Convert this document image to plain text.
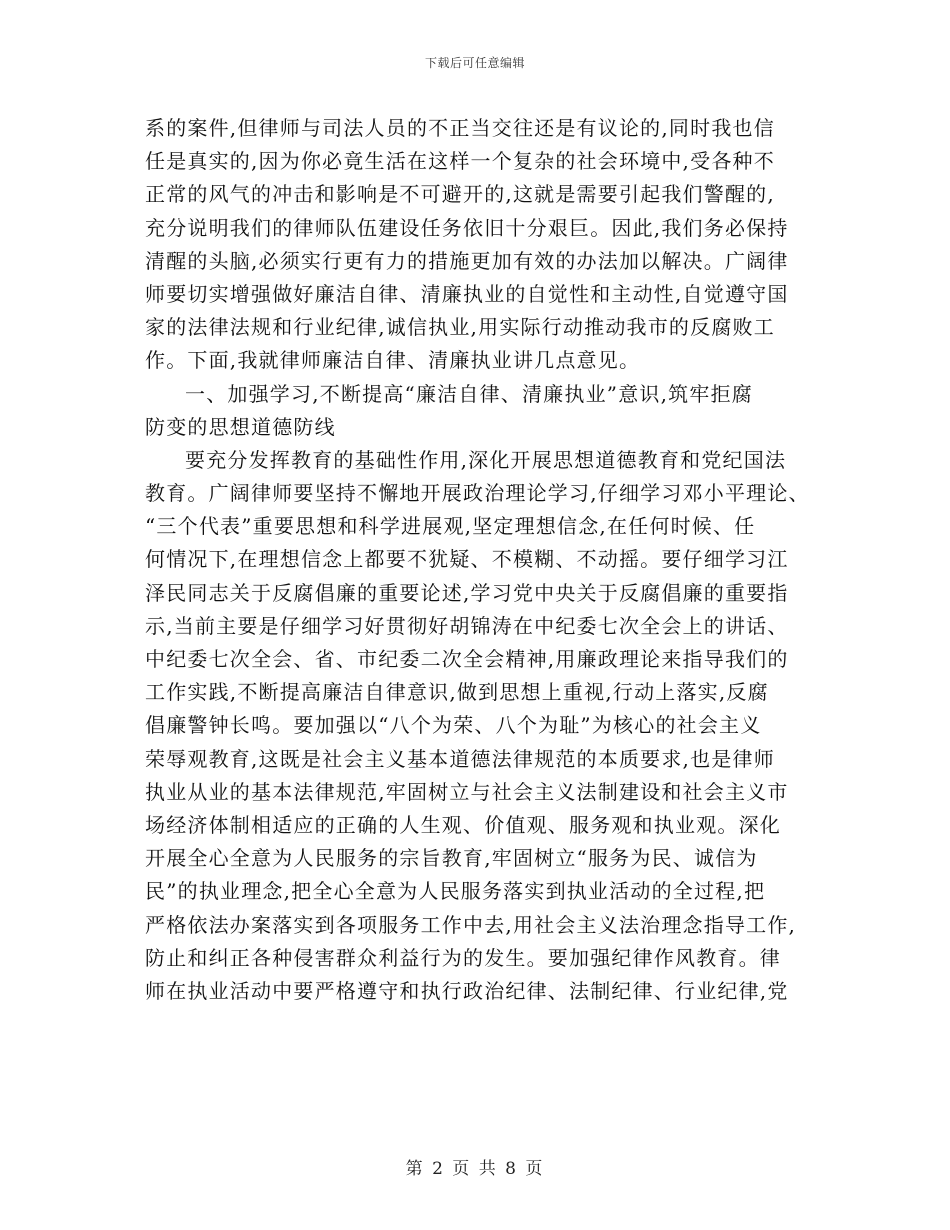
下载后可任意编辑
系的案件,但律师与司法人员的不正当交往还是有议论的,同时我也信
任是真实的,因为你必竟生活在这样一个复杂的社会环境中,受各种不
正常的风气的冲击和影响是不可避开的,这就是需要引起我们警醒的,
充分说明我们的律师队伍建设任务依旧十分艰巨。因此,我们务必保持
清醒的头脑,必须实行更有力的措施更加有效的办法加以解决。广阔律
师要切实增强做好廉洁自律、清廉执业的自觉性和主动性,自觉遵守国
家的法律法规和行业纪律,诚信执业,用实际行动推动我市的反腐败工
作。下面,我就律师廉洁自律、清廉执业讲几点意见。
一、加强学习,不断提高“廉洁自律、清廉执业”意识,筑牢拒腐
防变的思想道德防线
要充分发挥教育的基础性作用,深化开展思想道德教育和党纪国法
教育。广阔律师要坚持不懈地开展政治理论学习,仔细学习邓小平理论、
“三个代表”重要思想和科学进展观,坚定理想信念,在任何时候、任
何情况下,在理想信念上都要不犹疑、不模糊、不动摇。要仔细学习江
泽民同志关于反腐倡廉的重要论述,学习党中央关于反腐倡廉的重要指
示,当前主要是仔细学习好贯彻好胡锦涛在中纪委七次全会上的讲话、
中纪委七次全会、省、市纪委二次全会精神,用廉政理论来指导我们的
工作实践,不断提高廉洁自律意识,做到思想上重视,行动上落实,反腐
倡廉警钟长鸣。要加强以“八个为荣、八个为耻”为核心的社会主义
荣辱观教育,这既是社会主义基本道德法律规范的本质要求,也是律师
执业从业的基本法律规范,牢固树立与社会主义法制建设和社会主义市
场经济体制相适应的正确的人生观、价值观、服务观和执业观。深化
开展全心全意为人民服务的宗旨教育,牢固树立“服务为民、诚信为
民”的执业理念,把全心全意为人民服务落实到执业活动的全过程,把
严格依法办案落实到各项服务工作中去,用社会主义法治理念指导工作,
防止和纠正各种侵害群众利益行为的发生。要加强纪律作风教育。律
师在执业活动中要严格遵守和执行政治纪律、法制纪律、行业纪律,党
第 2 页 共 8 页
